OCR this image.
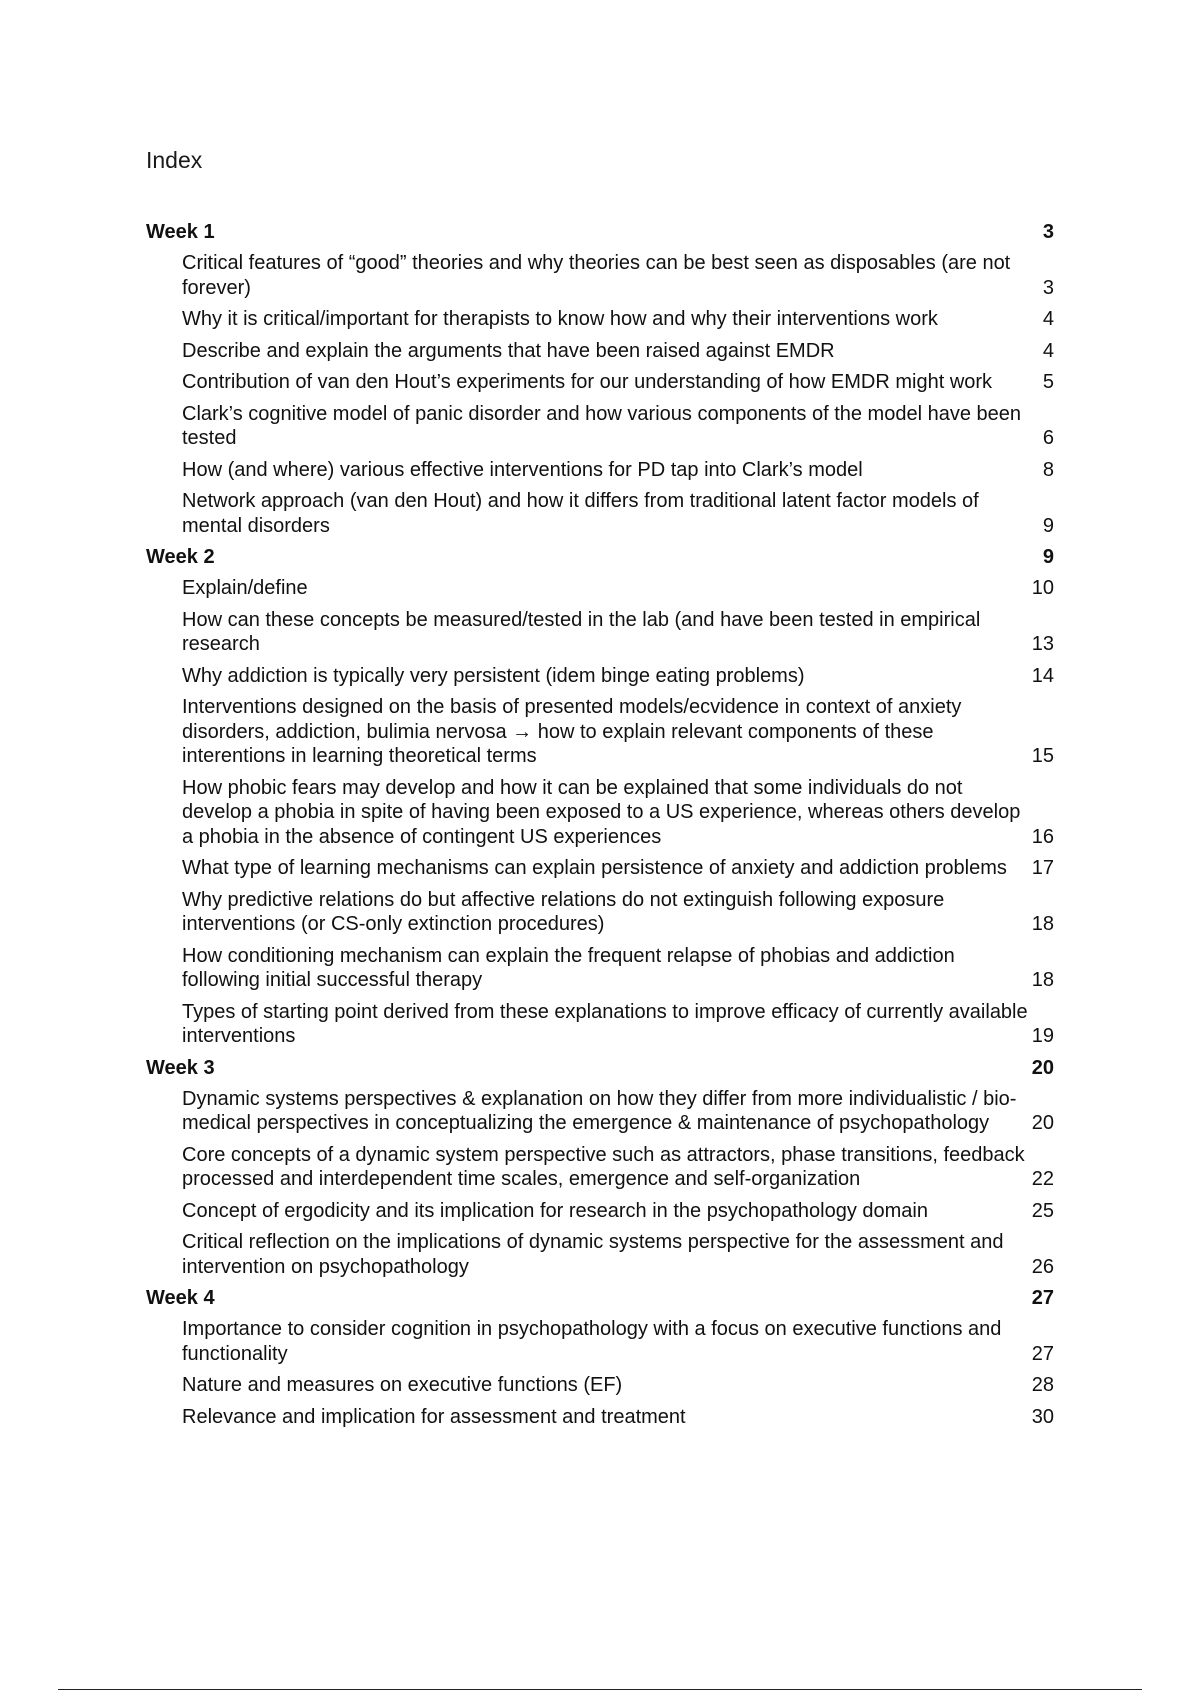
Index
Week 1	3
Critical features of “good” theories and why theories can be best seen as disposables (are not forever)	3
Why it is critical/important for therapists to know how and why their interventions work	4
Describe and explain the arguments that have been raised against EMDR	4
Contribution of van den Hout’s experiments for our understanding of how EMDR might work	5
Clark’s cognitive model of panic disorder and how various components of the model have been tested	6
How (and where) various effective interventions for PD tap into Clark’s model	8
Network approach (van den Hout) and how it differs from traditional latent factor models of mental disorders	9
Week 2	9
Explain/define	10
How can these concepts be measured/tested in the lab (and have been tested in empirical research	13
Why addiction is typically very persistent (idem binge eating problems)	14
Interventions designed on the basis of presented models/ecvidence in context of anxiety disorders, addiction, bulimia nervosa → how to explain relevant components of these interentions in learning theoretical terms	15
How phobic fears may develop and how it can be explained that some individuals do not develop a phobia in spite of having been exposed to a US experience, whereas others develop a phobia in the absence of contingent US experiences	16
What type of learning mechanisms can explain persistence of anxiety and addiction problems	17
Why predictive relations do but affective relations do not extinguish following exposure interventions (or CS-only extinction procedures)	18
How conditioning mechanism can explain the frequent relapse of phobias and addiction following initial successful therapy	18
Types of starting point derived from these explanations to improve efficacy of currently available interventions	19
Week 3	20
Dynamic systems perspectives & explanation on how they differ from more individualistic / bio-medical perspectives in conceptualizing the emergence & maintenance of psychopathology	20
Core concepts of a dynamic system perspective such as attractors, phase transitions, feedback processed and interdependent time scales, emergence and self-organization	22
Concept of ergodicity and its implication for research in the psychopathology domain	25
Critical reflection on the implications of dynamic systems perspective for the assessment and intervention on psychopathology	26
Week 4	27
Importance to consider cognition in psychopathology with a focus on executive functions and functionality	27
Nature and measures on executive functions (EF)	28
Relevance and implication for assessment and treatment	30
